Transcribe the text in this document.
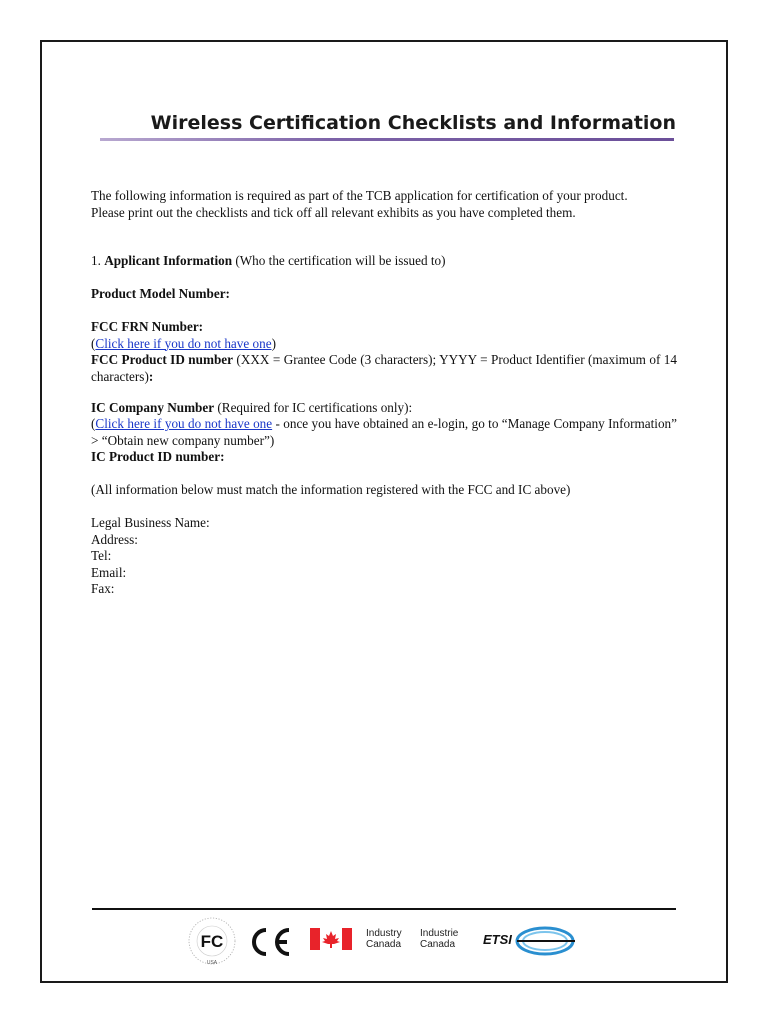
Wireless Certification Checklists and Information
The following information is required as part of the TCB application for certification of your product.
Please print out the checklists and tick off all relevant exhibits as you have completed them.
1. Applicant Information (Who the certification will be issued to)
Product Model Number:
FCC FRN Number:
(Click here if you do not have one)

FCC Product ID number (XXX = Grantee Code (3 characters); YYYY = Product Identifier (maximum of 14 characters):
IC Company Number (Required for IC certifications only):
(Click here if you do not have one - once you have obtained an e-login, go to “Manage Company Information” > “Obtain new company number”)
IC Product ID number:
(All information below must match the information registered with the FCC and IC above)
Legal Business Name:
Address:
Tel:
Email:
Fax:
FC
USA
Industry
Canada
Industrie
Canada ETSI
